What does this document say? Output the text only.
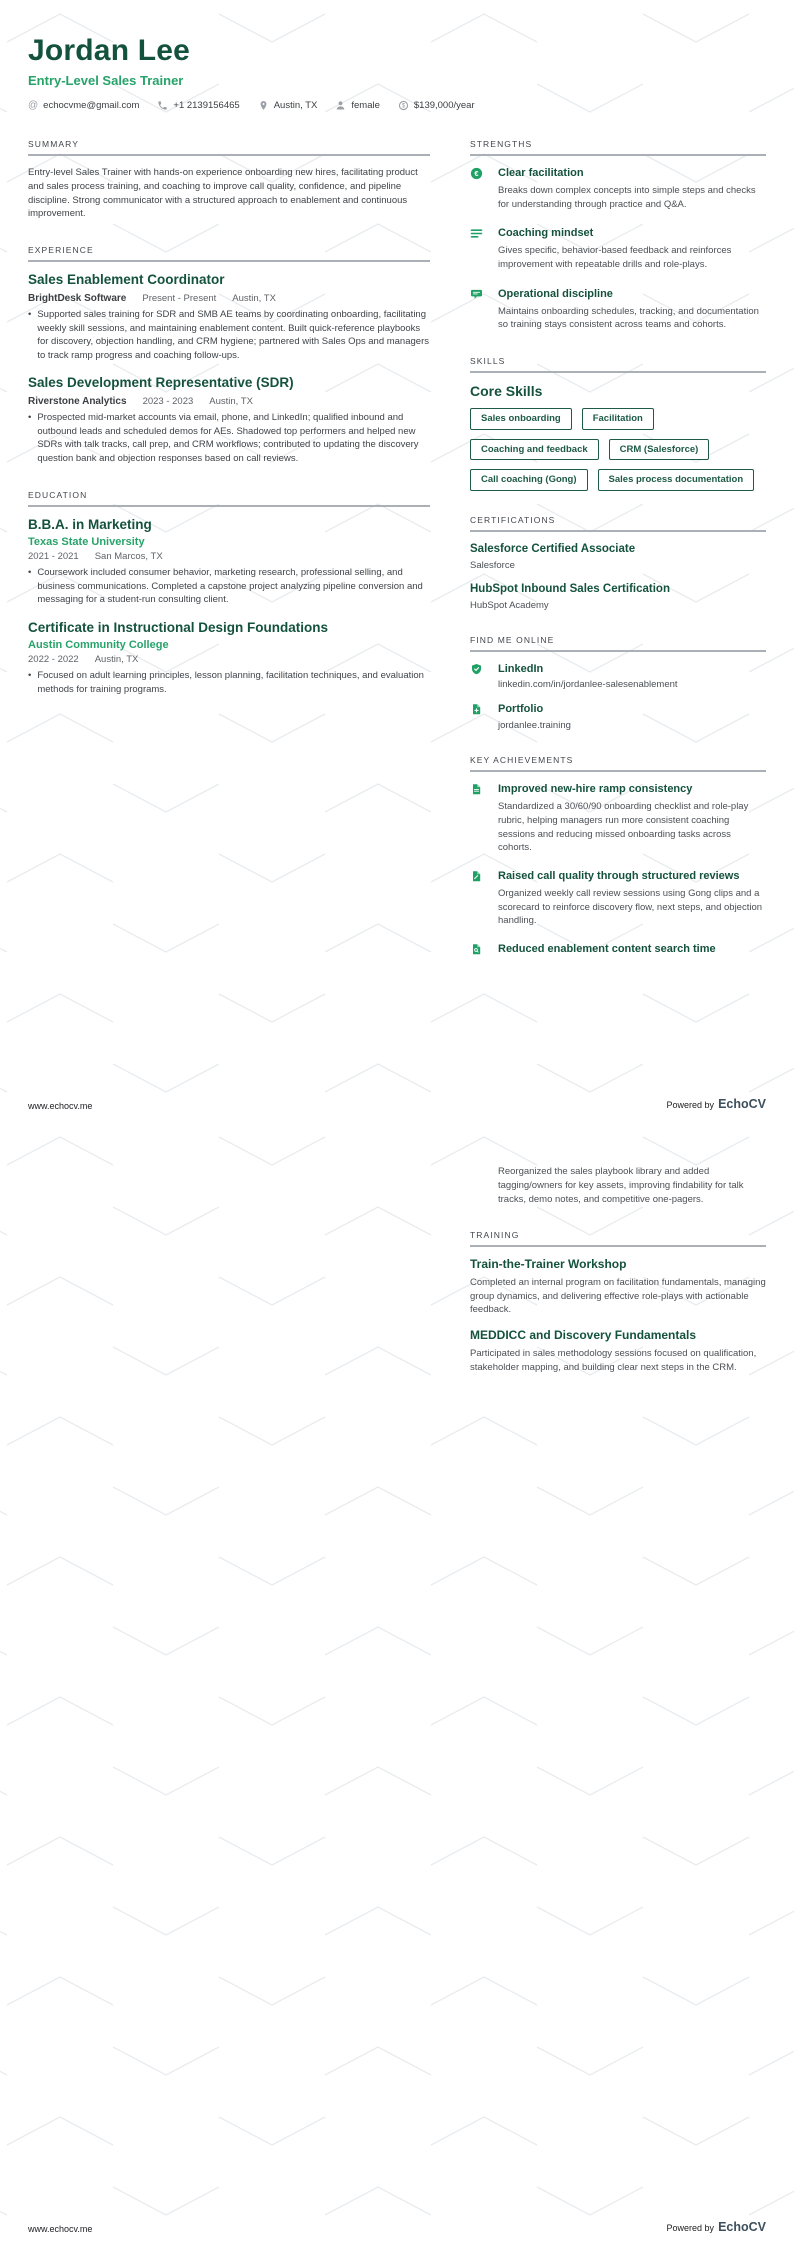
Jordan Lee
Entry-Level Sales Trainer
@ echocvme@gmail.com	+1 2139156465	Austin, TX	female	$ $139,000/year
SUMMARY

Entry-level Sales Trainer with hands-on experience onboarding new hires, facilitating product and sales process training, and coaching to improve call quality, confidence, and pipeline discipline. Strong communicator with a structured approach to enablement and continuous improvement.

EXPERIENCE
Sales Enablement Coordinator
BrightDesk Software Present - Present Austin, TX

• Supported sales training for SDR and SMB AE teams by coordinating onboarding, facilitating weekly skill sessions, and maintaining enablement content. Built quick-reference playbooks for discovery, objection handling, and CRM hygiene; partnered with Sales Ops and managers to track ramp progress and coaching follow-ups.

Sales Development Representative (SDR)
Riverstone Analytics 2023 - 2023 Austin, TX

• Prospected mid-market accounts via email, phone, and LinkedIn; qualified inbound and outbound leads and scheduled demos for AEs. Shadowed top performers and helped new SDRs with talk tracks, call prep, and CRM workflows; contributed to updating the discovery question bank and objection responses based on call reviews.

EDUCATION
B.B.A. in Marketing
Texas State University
2021 - 2021 San Marcos, TX

• Coursework included consumer behavior, marketing research, professional selling, and business communications. Completed a capstone project analyzing pipeline conversion and messaging for a student-run consulting client.

Certificate in Instructional Design Foundations
Austin Community College
2022 - 2022 Austin, TX

• Focused on adult learning principles, lesson planning, facilitation techniques, and evaluation methods for training programs.

STRENGTHS
€ Clear facilitation

Breaks down complex concepts into simple steps and checks for understanding through practice and Q&A.

Coaching mindset

Gives specific, behavior-based feedback and reinforces improvement with repeatable drills and role-plays.

Operational discipline

Maintains onboarding schedules, tracking, and documentation so training stays consistent across teams and cohorts.

SKILLS
Core Skills
Sales onboarding	Facilitation
Coaching and feedback	CRM (Salesforce)
Call coaching (Gong)	Sales process documentation
CERTIFICATIONS
Salesforce Certified Associate
Salesforce
HubSpot Inbound Sales Certification
HubSpot Academy
FIND ME ONLINE
LinkedIn
linkedin.com/in/jordanlee-salesenablement
Portfolio
jordanlee.training
KEY ACHIEVEMENTS
Improved new-hire ramp consistency

Standardized a 30/60/90 onboarding checklist and role-play rubric, helping managers run more consistent coaching sessions and reducing missed onboarding tasks across cohorts.

Raised call quality through structured reviews

Organized weekly call review sessions using Gong clips and a scorecard to reinforce discovery flow, next steps, and objection handling.

Reduced enablement content search time
www.echocv.me	Powered by EchoCV

Reorganized the sales playbook library and added tagging/owners for key assets, improving findability for talk tracks, demo notes, and competitive one-pagers.

TRAINING
Train-the-Trainer Workshop

Completed an internal program on facilitation fundamentals, managing group dynamics, and delivering effective role-plays with actionable feedback.

MEDDICC and Discovery Fundamentals

Participated in sales methodology sessions focused on qualification, stakeholder mapping, and building clear next steps in the CRM.

www.echocv.me	Powered by EchoCV
